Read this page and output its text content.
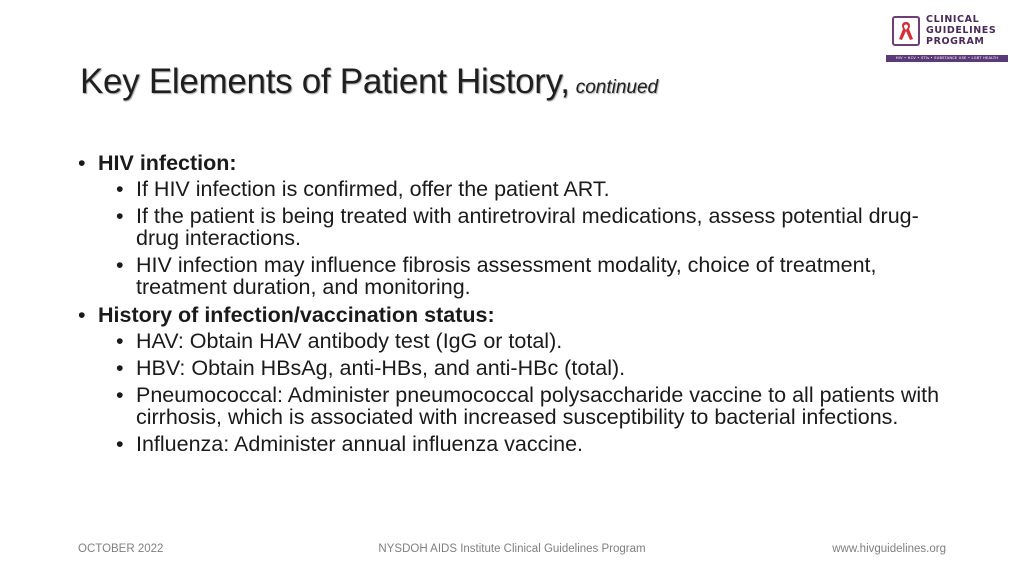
Key Elements of Patient History, continued
CLINICAL
GUIDELINES
PROGRAM
HIV • HCV • STIs • SUBSTANCE USE • LGBT HEALTH
• HIV infection:
• If HIV infection is confirmed, offer the patient ART.
• If the patient is being treated with antiretroviral medications, assess potential drug-drug interactions.
• HIV infection may influence fibrosis assessment modality, choice of treatment, treatment duration, and monitoring.
• History of infection/vaccination status:
• HAV: Obtain HAV antibody test (IgG or total).
• HBV: Obtain HBsAg, anti-HBs, and anti-HBc (total).
• Pneumococcal: Administer pneumococcal polysaccharide vaccine to all patients with cirrhosis, which is associated with increased susceptibility to bacterial infections.
• Influenza: Administer annual influenza vaccine.
OCTOBER 2022	NYSDOH AIDS Institute Clinical Guidelines Program	www.hivguidelines.org
